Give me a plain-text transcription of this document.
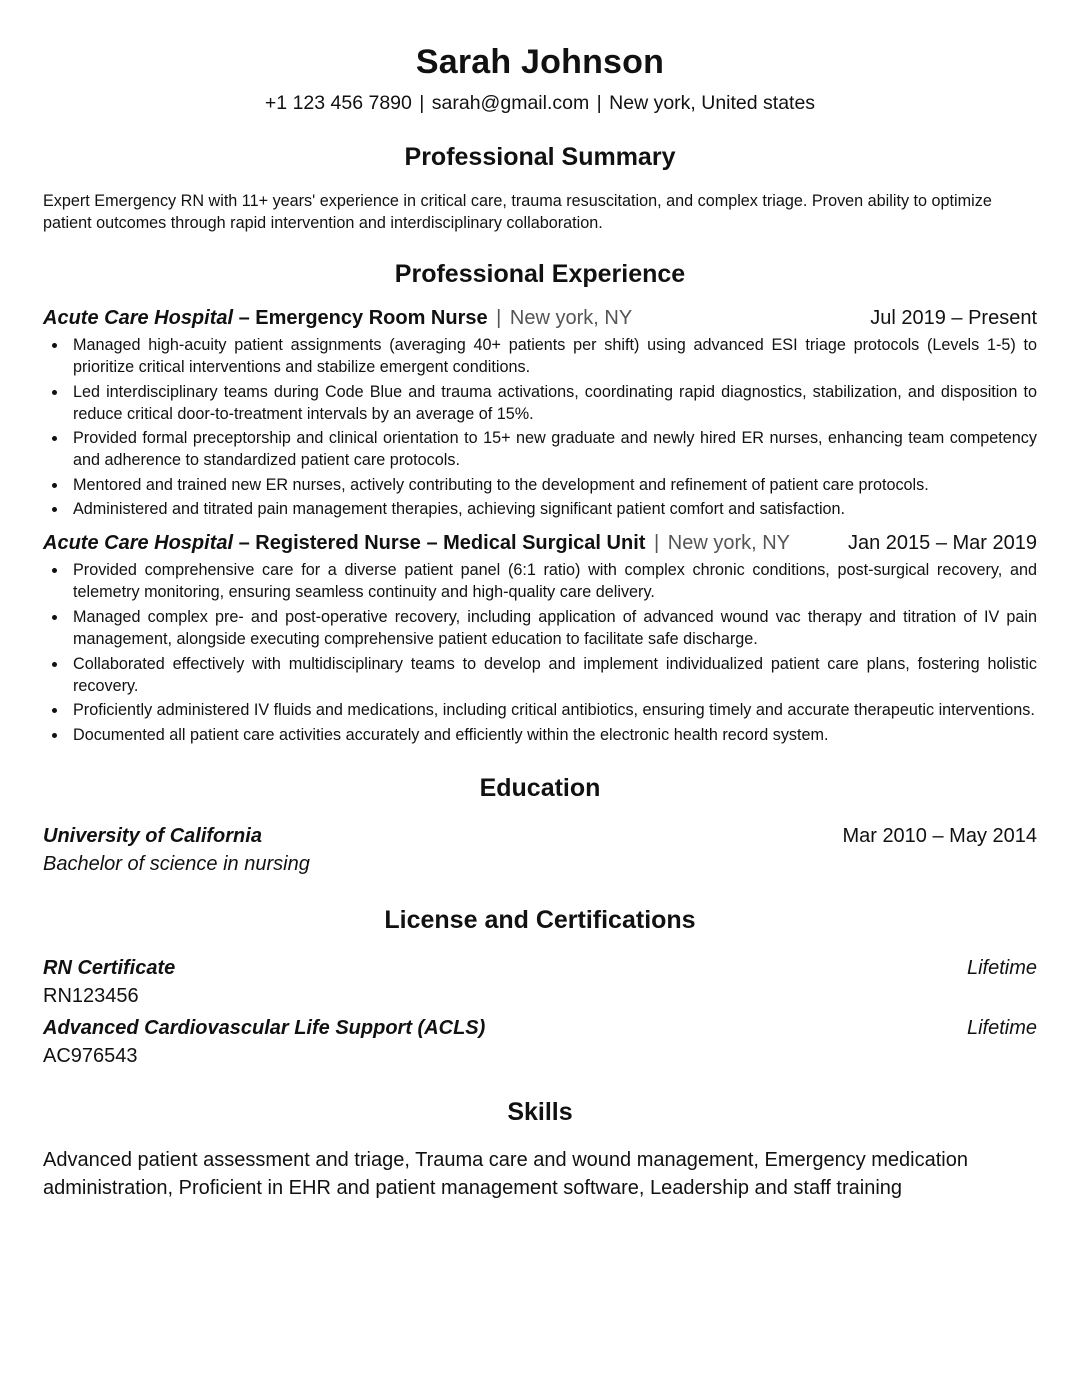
Sarah Johnson
+1 123 456 7890 | sarah@gmail.com | New york, United states
Professional Summary
Expert Emergency RN with 11+ years' experience in critical care, trauma resuscitation, and complex triage. Proven ability to optimize patient outcomes through rapid intervention and interdisciplinary collaboration.
Professional Experience
Acute Care Hospital – Emergency Room Nurse | New york, NY	Jul 2019 – Present
Managed high-acuity patient assignments (averaging 40+ patients per shift) using advanced ESI triage protocols (Levels 1-5) to prioritize critical interventions and stabilize emergent conditions.
Led interdisciplinary teams during Code Blue and trauma activations, coordinating rapid diagnostics, stabilization, and disposition to reduce critical door-to-treatment intervals by an average of 15%.
Provided formal preceptorship and clinical orientation to 15+ new graduate and newly hired ER nurses, enhancing team competency and adherence to standardized patient care protocols.
Mentored and trained new ER nurses, actively contributing to the development and refinement of patient care protocols.
Administered and titrated pain management therapies, achieving significant patient comfort and satisfaction.
Acute Care Hospital – Registered Nurse – Medical Surgical Unit | New york, NY	Jan 2015 – Mar 2019
Provided comprehensive care for a diverse patient panel (6:1 ratio) with complex chronic conditions, post-surgical recovery, and telemetry monitoring, ensuring seamless continuity and high-quality care delivery.
Managed complex pre- and post-operative recovery, including application of advanced wound vac therapy and titration of IV pain management, alongside executing comprehensive patient education to facilitate safe discharge.
Collaborated effectively with multidisciplinary teams to develop and implement individualized patient care plans, fostering holistic recovery.
Proficiently administered IV fluids and medications, including critical antibiotics, ensuring timely and accurate therapeutic interventions.
Documented all patient care activities accurately and efficiently within the electronic health record system.
Education
University of California	Mar 2010 – May 2014
Bachelor of science in nursing
License and Certifications
RN Certificate	Lifetime
RN123456
Advanced Cardiovascular Life Support (ACLS)	Lifetime
AC976543
Skills
Advanced patient assessment and triage, Trauma care and wound management, Emergency medication administration, Proficient in EHR and patient management software, Leadership and staff training
